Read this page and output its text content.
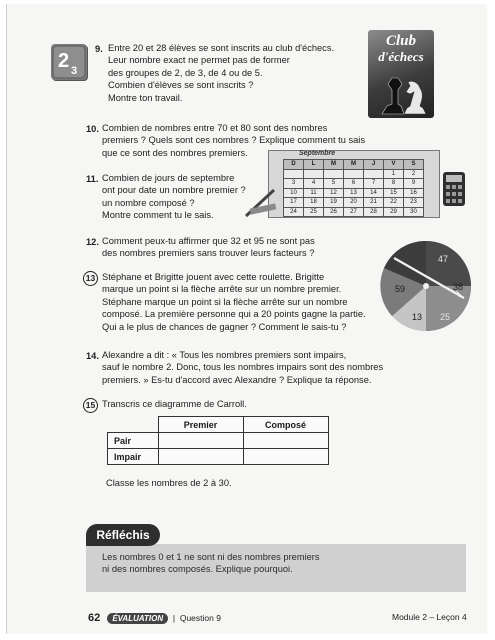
2 3
9. Entre 20 et 28 élèves se sont inscrits au club d'échecs.
Leur nombre exact ne permet pas de former
des groupes de 2, de 3, de 4 ou de 5.
Combien d'élèves se sont inscrits ?
Montre ton travail.
Club
d'échecs
10. Combien de nombres entre 70 et 80 sont des nombres
premiers ? Quels sont ces nombres ? Explique comment tu sais
que ce sont des nombres premiers.
11. Combien de jours de septembre
ont pour date un nombre premier ?
un nombre composé ?
Montre comment tu le sais.
Septembre
D	L	M	M	J	V	S
					1	2
3	4	5	6	7	8	9
10	11	12	13	14	15	16
17	18	19	20	21	22	23
24	25	26	27	28	29	30
12. Comment peux-tu affirmer que 32 et 95 ne sont pas
des nombres premiers sans trouver leurs facteurs ?
13 Stéphane et Brigitte jouent avec cette roulette. Brigitte
marque un point si la flèche arrête sur un nombre premier.
Stéphane marque un point si la flèche arrête sur un nombre
composé. La première personne qui a 20 points gagne la partie.
Qui a le plus de chances de gagner ? Comment le sais-tu ?
47
59	38
13 25
14. Alexandre a dit : « Tous les nombres premiers sont impairs,
sauf le nombre 2. Donc, tous les nombres impairs sont des nombres
premiers. » Es-tu d'accord avec Alexandre ? Explique ta réponse.
15 Transcris ce diagramme de Carroll.
	Premier	Composé
Pair		
Impair		
Classe les nombres de 2 à 30.
Les nombres 0 et 1 ne sont ni des nombres premiers
ni des nombres composés. Explique pourquoi.
Réfléchis
62 ÉVALUATION | Question 9	Module 2 – Leçon 4
